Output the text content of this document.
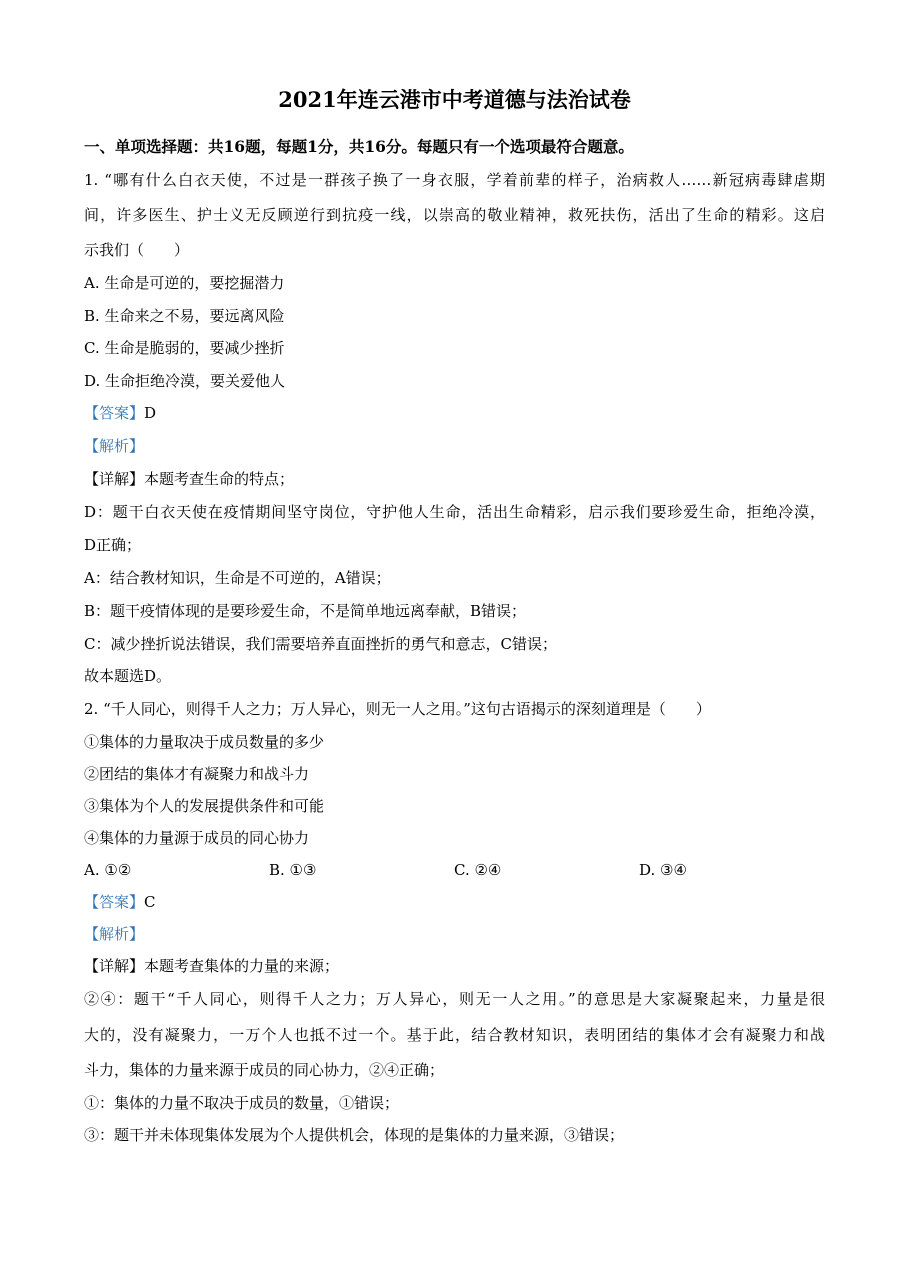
2021年连云港市中考道德与法治试卷
一、单项选择题：共16题，每题1分，共16分。每题只有一个选项最符合题意。
1. “哪有什么白衣天使，不过是一群孩子换了一身衣服，学着前辈的样子，治病救人……新冠病毒肆虐期
间，许多医生、护士义无反顾逆行到抗疫一线，以崇高的敬业精神，救死扶伤，活出了生命的精彩。这启
示我们（　　）
A. 生命是可逆的，要挖掘潜力
B. 生命来之不易，要远离风险
C. 生命是脆弱的，要减少挫折
D. 生命拒绝冷漠，要关爱他人
【答案】D
【解析】
【详解】本题考查生命的特点；
D：题干白衣天使在疫情期间坚守岗位，守护他人生命，活出生命精彩，启示我们要珍爱生命，拒绝冷漠，
D正确；
A：结合教材知识，生命是不可逆的，A错误；
B：题干疫情体现的是要珍爱生命，不是简单地远离奉献，B错误；
C：减少挫折说法错误，我们需要培养直面挫折的勇气和意志，C错误；
故本题选D。
2. “千人同心，则得千人之力；万人异心，则无一人之用。”这句古语揭示的深刻道理是（　　）
①集体的力量取决于成员数量的多少
②团结的集体才有凝聚力和战斗力
③集体为个人的发展提供条件和可能
④集体的力量源于成员的同心协力
A. ①②	B. ①③	C. ②④	D. ③④
【答案】C
【解析】
【详解】本题考查集体的力量的来源；
②④：题干“千人同心，则得千人之力；万人异心，则无一人之用。”的意思是大家凝聚起来，力量是很
大的，没有凝聚力，一万个人也抵不过一个。基于此，结合教材知识，表明团结的集体才会有凝聚力和战
斗力，集体的力量来源于成员的同心协力，②④正确；
①：集体的力量不取决于成员的数量，①错误；
③：题干并未体现集体发展为个人提供机会，体现的是集体的力量来源，③错误；
